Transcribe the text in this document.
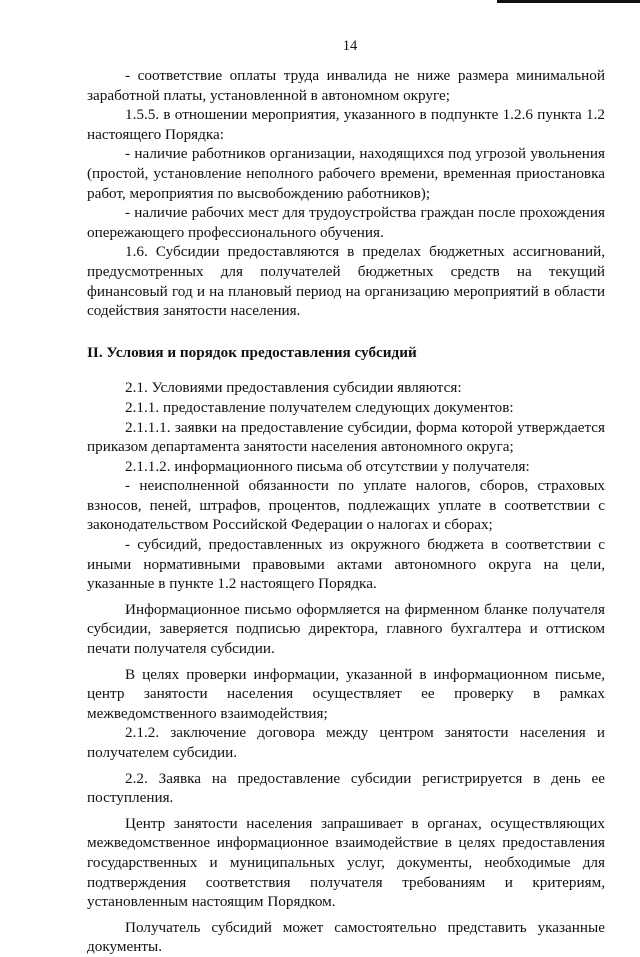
14

- соответствие оплаты труда инвалида не ниже размера минимальной заработной платы, установленной в автономном округе;

1.5.5. в отношении мероприятия, указанного в подпункте 1.2.6 пункта 1.2 настоящего Порядка:

- наличие работников организации, находящихся под угрозой увольнения (простой, установление неполного рабочего времени, временная приостановка работ, мероприятия по высвобождению работников);

- наличие рабочих мест для трудоустройства граждан после прохождения опережающего профессионального обучения.

1.6. Субсидии предоставляются в пределах бюджетных ассигнований, предусмотренных для получателей бюджетных средств на текущий финансовый год и на плановый период на организацию мероприятий в области содействия занятости населения.

II. Условия и порядок предоставления субсидий

2.1. Условиями предоставления субсидии являются:

2.1.1. предоставление получателем следующих документов:

2.1.1.1. заявки на предоставление субсидии, форма которой утверждается приказом департамента занятости населения автономного округа;

2.1.1.2. информационного письма об отсутствии у получателя:

- неисполненной обязанности по уплате налогов, сборов, страховых взносов, пеней, штрафов, процентов, подлежащих уплате в соответствии с законодательством Российской Федерации о налогах и сборах;

- субсидий, предоставленных из окружного бюджета в соответствии с иными нормативными правовыми актами автономного округа на цели, указанные в пункте 1.2 настоящего Порядка.

Информационное письмо оформляется на фирменном бланке получателя субсидии, заверяется подписью директора, главного бухгалтера и оттиском печати получателя субсидии.

В целях проверки информации, указанной в информационном письме, центр занятости населения осуществляет ее проверку в рамках межведомственного взаимодействия;

2.1.2. заключение договора между центром занятости населения и получателем субсидии.

2.2. Заявка на предоставление субсидии регистрируется в день ее поступления.

Центр занятости населения запрашивает в органах, осуществляющих межведомственное информационное взаимодействие в целях предоставления государственных и муниципальных услуг, документы, необходимые для подтверждения соответствия получателя требованиям и критериям, установленным настоящим Порядком.

Получатель субсидий может самостоятельно представить указанные документы.
